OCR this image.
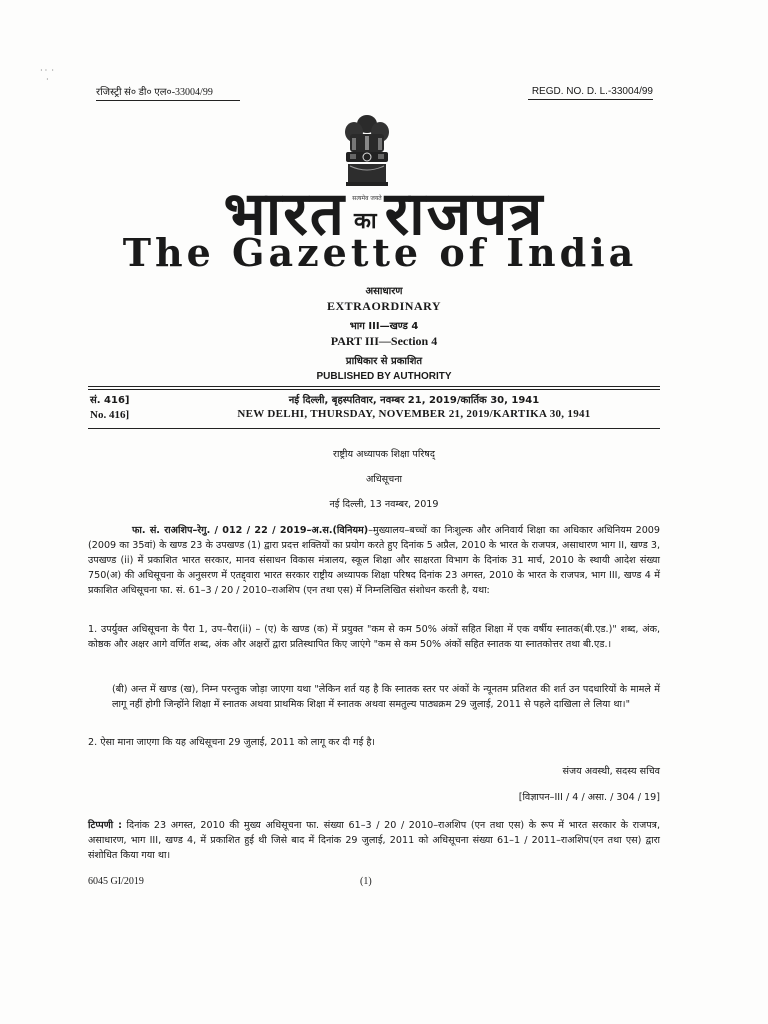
· ·  ·
·
रजिस्ट्री सं० डी० एल०-33004/99	REGD. NO. D. L.-33004/99
सत्यमेव जयते
भारत का राजपत्र
The Gazette of India
असाधारण
EXTRAORDINARY
भाग III—खण्ड 4
PART III—Section 4
प्राधिकार से प्रकाशित
PUBLISHED BY AUTHORITY
सं. 416]	नई दिल्ली, बृहस्पतिवार, नवम्बर 21, 2019/कार्तिक 30, 1941
No. 416]	NEW DELHI, THURSDAY, NOVEMBER 21, 2019/KARTIKA 30, 1941
राष्ट्रीय अध्यापक शिक्षा परिषद्
अधिसूचना
नई दिल्ली, 13 नवम्बर, 2019
फा. सं. राअशिप–रेगु. / 012 / 22 / 2019–अ.स.(विनियम)–मुख्यालय–बच्चों का निःशुल्क और अनिवार्य शिक्षा का अधिकार अधिनियम 2009 (2009 का 35वां) के खण्ड 23 के उपखण्ड (1) द्वारा प्रदत्त शक्तियों का प्रयोग करते हुए दिनांक 5 अप्रैल, 2010 के भारत के राजपत्र, असाधारण भाग II, खण्ड 3, उपखण्ड (ii) में प्रकाशित भारत सरकार, मानव संसाधन विकास मंत्रालय, स्कूल शिक्षा और साक्षरता विभाग के दिनांक 31 मार्च, 2010 के स्थायी आदेश संख्या 750(अ) की अधिसूचना के अनुसरण में एतद्द्वारा भारत सरकार राष्ट्रीय अध्यापक शिक्षा परिषद दिनांक 23 अगस्त, 2010 के भारत के राजपत्र, भाग III, खण्ड 4 में प्रकाशित अधिसूचना फा. सं. 61–3 / 20 / 2010–राअशिप (एन तथा एस) में निम्नलिखित संशोधन करती है, यथा:
1. उपर्युक्त अधिसूचना के पैरा 1, उप–पैरा(ii) – (ए) के खण्ड (क) में प्रयुक्त "कम से कम 50% अंकों सहित शिक्षा में एक वर्षीय स्नातक(बी.एड.)" शब्द, अंक, कोष्ठक और अक्षर आगे वर्णित शब्द, अंक और अक्षरों द्वारा प्रतिस्थापित किए जाएंगे "कम से कम 50% अंकों सहित स्नातक या स्नातकोत्तर तथा बी.एड.।
(बी) अन्त में खण्ड (ख), निम्न परन्तुक जोड़ा जाएगा यथा "लेकिन शर्त यह है कि स्नातक स्तर पर अंकों के न्यूनतम प्रतिशत की शर्त उन पदधारियों के मामले में लागू नहीं होगी जिन्होंने शिक्षा में स्नातक अथवा प्राथमिक शिक्षा में स्नातक अथवा समतुल्य पाठ्यक्रम 29 जुलाई, 2011 से पहले दाखिला ले लिया था।"
2. ऐसा माना जाएगा कि यह अधिसूचना 29 जुलाई, 2011 को लागू कर दी गई है।
संजय अवस्थी, सदस्य सचिव
[विज्ञापन–III / 4 / असा. / 304 / 19]
टिप्पणी : दिनांक 23 अगस्त, 2010 की मुख्य अधिसूचना फा. संख्या 61–3 / 20 / 2010–राअशिप (एन तथा एस) के रूप में भारत सरकार के राजपत्र, असाधारण, भाग III, खण्ड 4, में प्रकाशित हुई थी जिसे बाद में दिनांक 29 जुलाई, 2011 को अधिसूचना संख्या 61–1 / 2011–राअशिप(एन तथा एस) द्वारा संशोधित किया गया था।
6045 GI/2019	(1)
